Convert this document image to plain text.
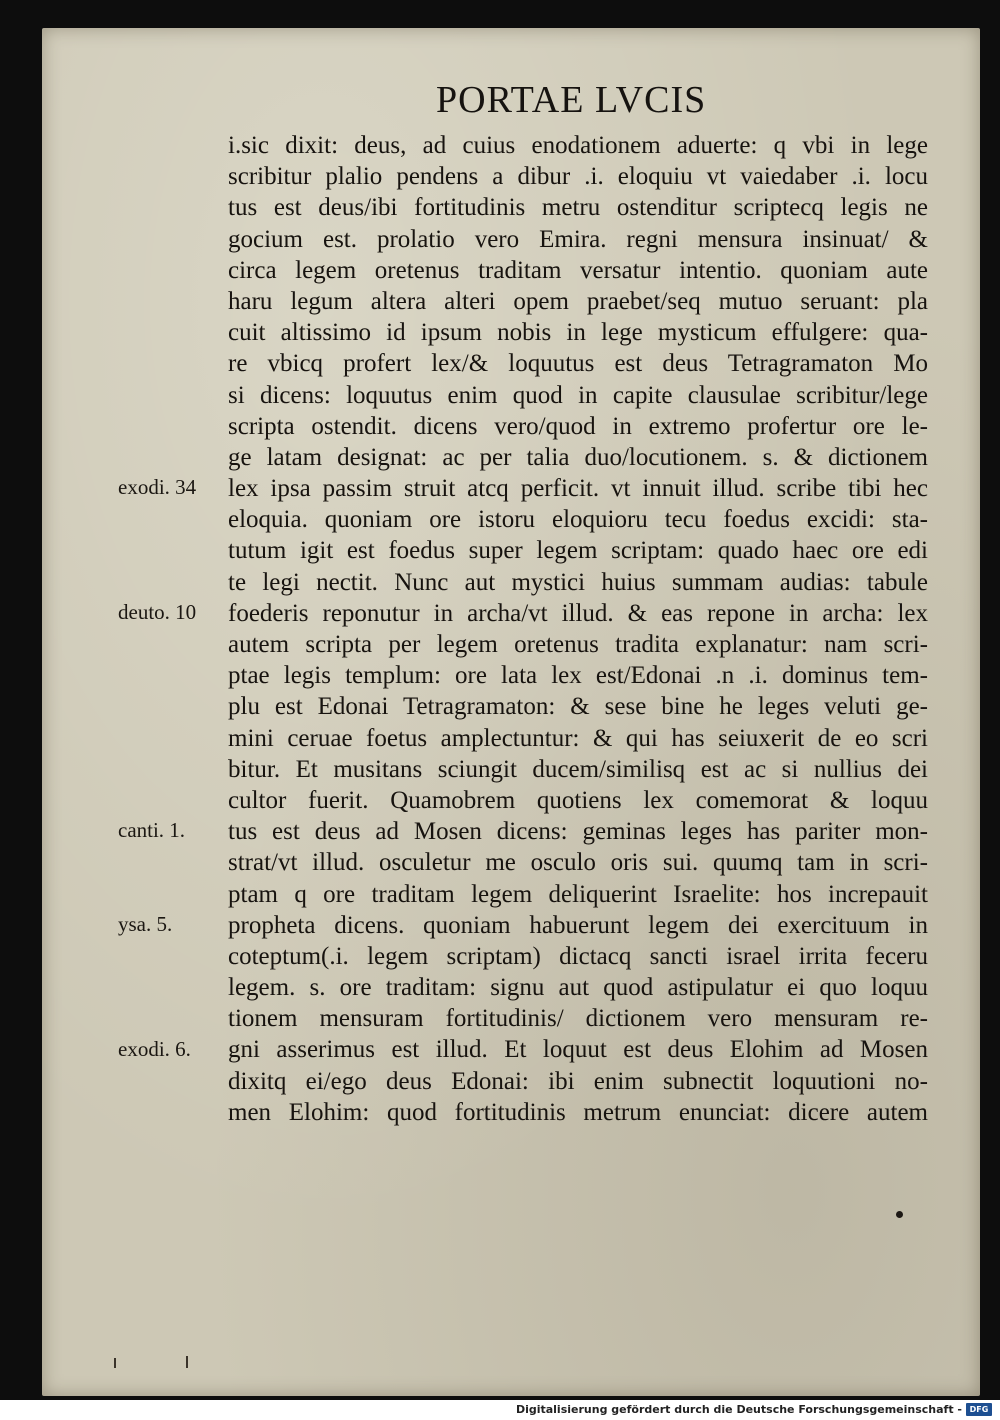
PORTAE LVCIS
i.sic dixit: deus, ad cuius enodationem aduerte: q vbi in lege
scribitur plalio pendens a dibur .i. eloquiu vt vaiedaber .i. locu
tus est deus/ibi fortitudinis metru ostenditur scriptecq legis ne
gocium est. prolatio vero Emira. regni mensura insinuat/ &
circa legem oretenus traditam versatur intentio. quoniam aute
haru legum altera alteri opem praebet/seq mutuo seruant: pla
cuit altissimo id ipsum nobis in lege mysticum effulgere: qua-
re vbicq profert lex/& loquutus est deus Tetragramaton Mo
si dicens: loquutus enim quod in capite clausulae scribitur/lege
scripta ostendit. dicens vero/quod in extremo profertur ore le-
ge latam designat: ac per talia duo/locutionem. s. & dictionem
lex ipsa passim struit atcq perficit. vt innuit illud. scribe tibi hec
eloquia. quoniam ore istoru eloquioru tecu foedus excidi: sta-
tutum igit est foedus super legem scriptam: quado haec ore edi
te legi nectit. Nunc aut mystici huius summam audias: tabule
foederis reponutur in archa/vt illud. & eas repone in archa: lex
autem scripta per legem oretenus tradita explanatur: nam scri-
ptae legis templum: ore lata lex est/Edonai .n .i. dominus tem-
plu est Edonai Tetragramaton: & sese bine he leges veluti ge-
mini ceruae foetus amplectuntur: & qui has seiuxerit de eo scri
bitur. Et musitans sciungit ducem/similisq est ac si nullius dei
cultor fuerit. Quamobrem quotiens lex comemorat & loquu
tus est deus ad Mosen dicens: geminas leges has pariter mon-
strat/vt illud. osculetur me osculo oris sui. quumq tam in scri-
ptam q ore traditam legem deliquerint Israelite: hos increpauit
propheta dicens. quoniam habuerunt legem dei exercituum in
coteptum(.i. legem scriptam) dictacq sancti israel irrita feceru
legem. s. ore traditam: signu aut quod astipulatur ei quo loquu
tionem mensuram fortitudinis/ dictionem vero mensuram re-
gni asserimus est illud. Et loquut est deus Elohim ad Mosen
dixitq ei/ego deus Edonai: ibi enim subnectit loquutioni no-
men Elohim: quod fortitudinis metrum enunciat: dicere autem
exodi. 34
deuto. 10
canti. 1.
ysa. 5.
exodi. 6.
Digitalisierung gefördert durch die Deutsche Forschungsgemeinschaft - DFG
